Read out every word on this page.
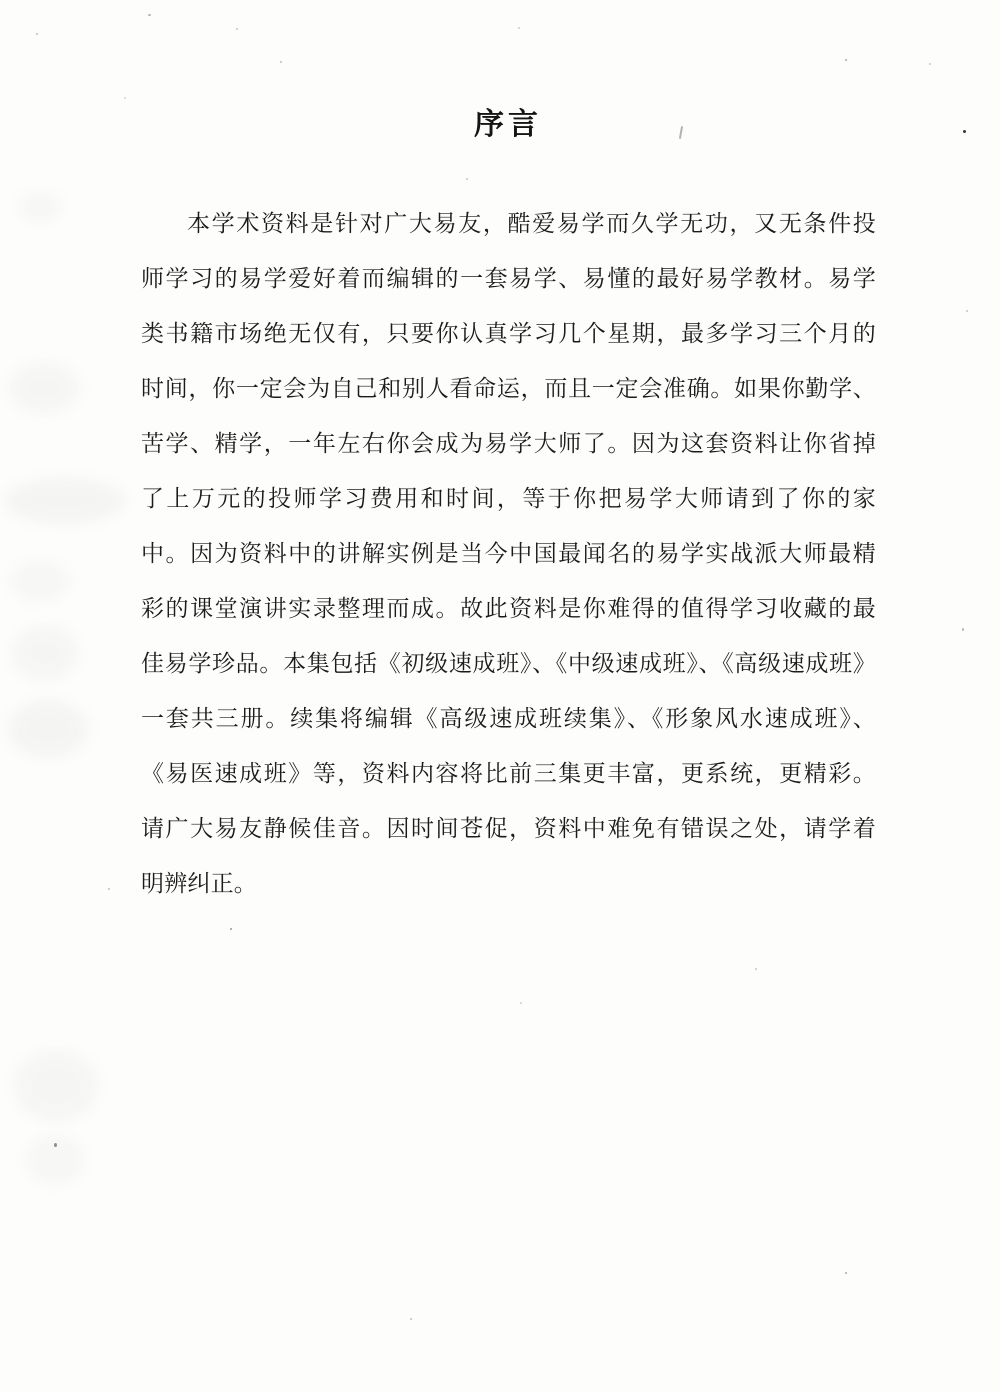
序言
本学术资料是针对广大易友，酷爱易学而久学无功，又无条件投
师学习的易学爱好着而编辑的一套易学、易懂的最好易学教材。易学
类书籍市场绝无仅有，只要你认真学习几个星期，最多学习三个月的
时间，你一定会为自己和别人看命运，而且一定会准确。如果你勤学、
苦学、精学，一年左右你会成为易学大师了。因为这套资料让你省掉
了上万元的投师学习费用和时间，等于你把易学大师请到了你的家
中。因为资料中的讲解实例是当今中国最闻名的易学实战派大师最精
彩的课堂演讲实录整理而成。故此资料是你难得的值得学习收藏的最
佳易学珍品。本集包括《初级速成班》、《中级速成班》、《高级速成班》
一套共三册。续集将编辑《高级速成班续集》、《形象风水速成班》、
《易医速成班》等，资料内容将比前三集更丰富，更系统，更精彩。
请广大易友静候佳音。因时间苍促，资料中难免有错误之处，请学着
明辨纠正。
